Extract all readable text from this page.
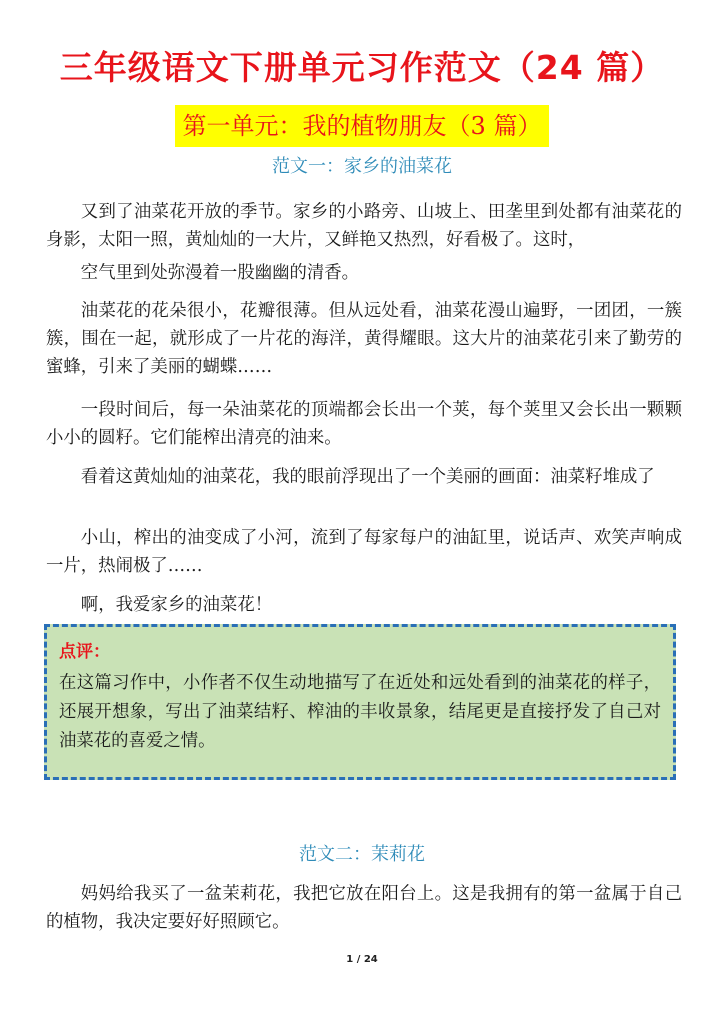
三年级语文下册单元习作范文（24 篇）
第一单元：我的植物朋友（3 篇）
范文一：家乡的油菜花

又到了油菜花开放的季节。家乡的小路旁、山坡上、田垄里到处都有油菜花的身影，太阳一照，黄灿灿的一大片，又鲜艳又热烈，好看极了。这时，

空气里到处弥漫着一股幽幽的清香。

油菜花的花朵很小，花瓣很薄。但从远处看，油菜花漫山遍野，一团团，一簇簇，围在一起，就形成了一片花的海洋，黄得耀眼。这大片的油菜花引来了勤劳的蜜蜂，引来了美丽的蝴蝶……

一段时间后，每一朵油菜花的顶端都会长出一个荚，每个荚里又会长出一颗颗小小的圆籽。它们能榨出清亮的油来。

看着这黄灿灿的油菜花，我的眼前浮现出了一个美丽的画面：油菜籽堆成了

小山，榨出的油变成了小河，流到了每家每户的油缸里，说话声、欢笑声响成一片，热闹极了……

啊，我爱家乡的油菜花！

点评：

在这篇习作中，小作者不仅生动地描写了在近处和远处看到的油菜花的样子，还展开想象，写出了油菜结籽、榨油的丰收景象，结尾更是直接抒发了自己对油菜花的喜爱之情。

范文二：茉莉花

妈妈给我买了一盆茉莉花，我把它放在阳台上。这是我拥有的第一盆属于自己的植物，我决定要好好照顾它。

1 / 24
